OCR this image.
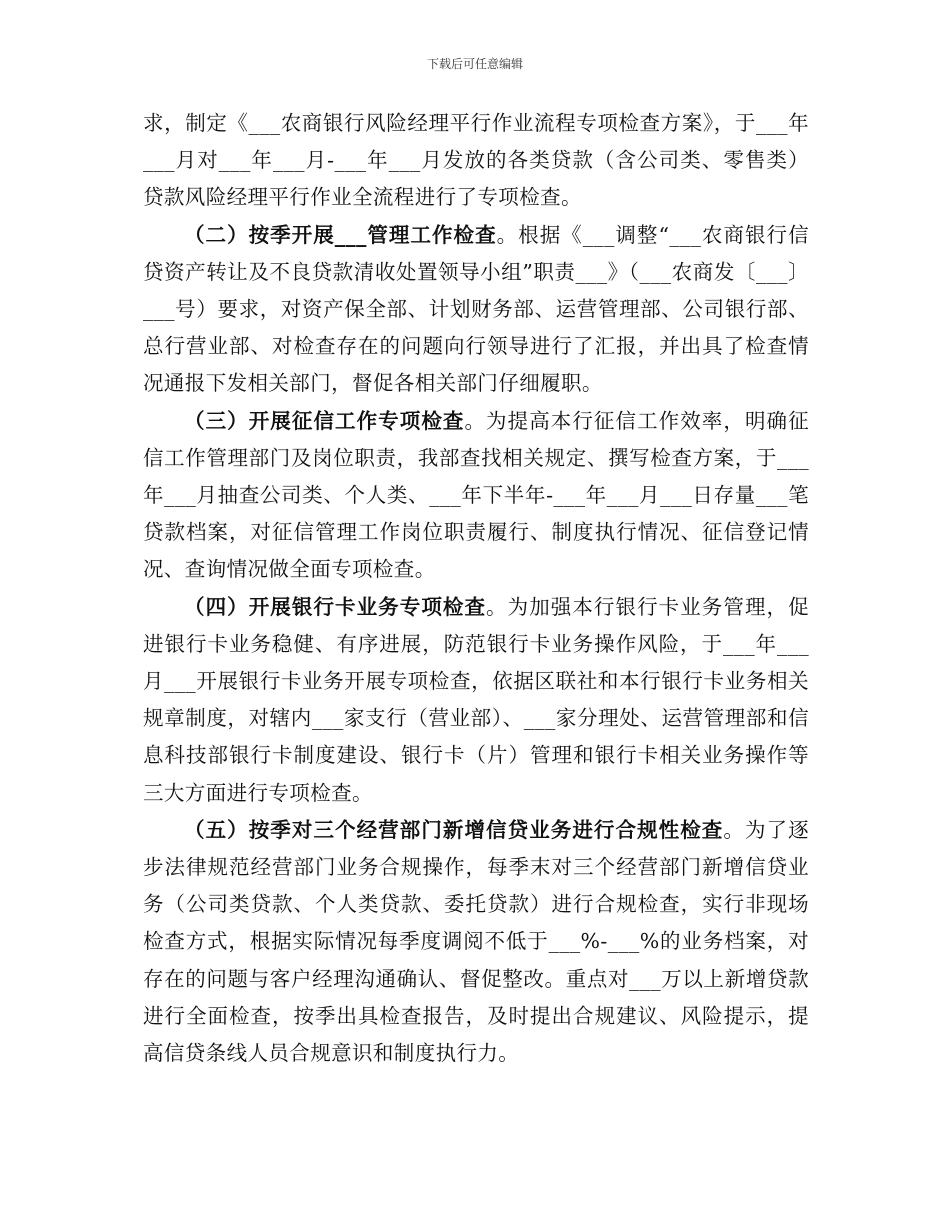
下载后可任意编辑

求，制定《___农商银行风险经理平行作业流程专项检查方案》，于___年___月对___年___月-___年___月发放的各类贷款（含公司类、零售类）贷款风险经理平行作业全流程进行了专项检查。

（二）按季开展___管理工作检查。根据《___调整“___农商银行信贷资产转让及不良贷款清收处置领导小组”职责___》（___农商发〔___〕___号）要求，对资产保全部、计划财务部、运营管理部、公司银行部、总行营业部、对检查存在的问题向行领导进行了汇报，并出具了检查情况通报下发相关部门，督促各相关部门仔细履职。

（三）开展征信工作专项检查。为提高本行征信工作效率，明确征信工作管理部门及岗位职责，我部查找相关规定、撰写检查方案，于___年___月抽查公司类、个人类、___年下半年-___年___月___日存量___笔贷款档案，对征信管理工作岗位职责履行、制度执行情况、征信登记情况、查询情况做全面专项检查。

（四）开展银行卡业务专项检查。为加强本行银行卡业务管理，促进银行卡业务稳健、有序进展，防范银行卡业务操作风险，于___年___月___开展银行卡业务开展专项检查，依据区联社和本行银行卡业务相关规章制度，对辖内___家支行（营业部）、___家分理处、运营管理部和信息科技部银行卡制度建设、银行卡（片）管理和银行卡相关业务操作等三大方面进行专项检查。

（五）按季对三个经营部门新增信贷业务进行合规性检查。为了逐步法律规范经营部门业务合规操作，每季末对三个经营部门新增信贷业务（公司类贷款、个人类贷款、委托贷款）进行合规检查，实行非现场检查方式，根据实际情况每季度调阅不低于___%-___%的业务档案，对存在的问题与客户经理沟通确认、督促整改。重点对___万以上新增贷款进行全面检查，按季出具检查报告，及时提出合规建议、风险提示，提高信贷条线人员合规意识和制度执行力。
